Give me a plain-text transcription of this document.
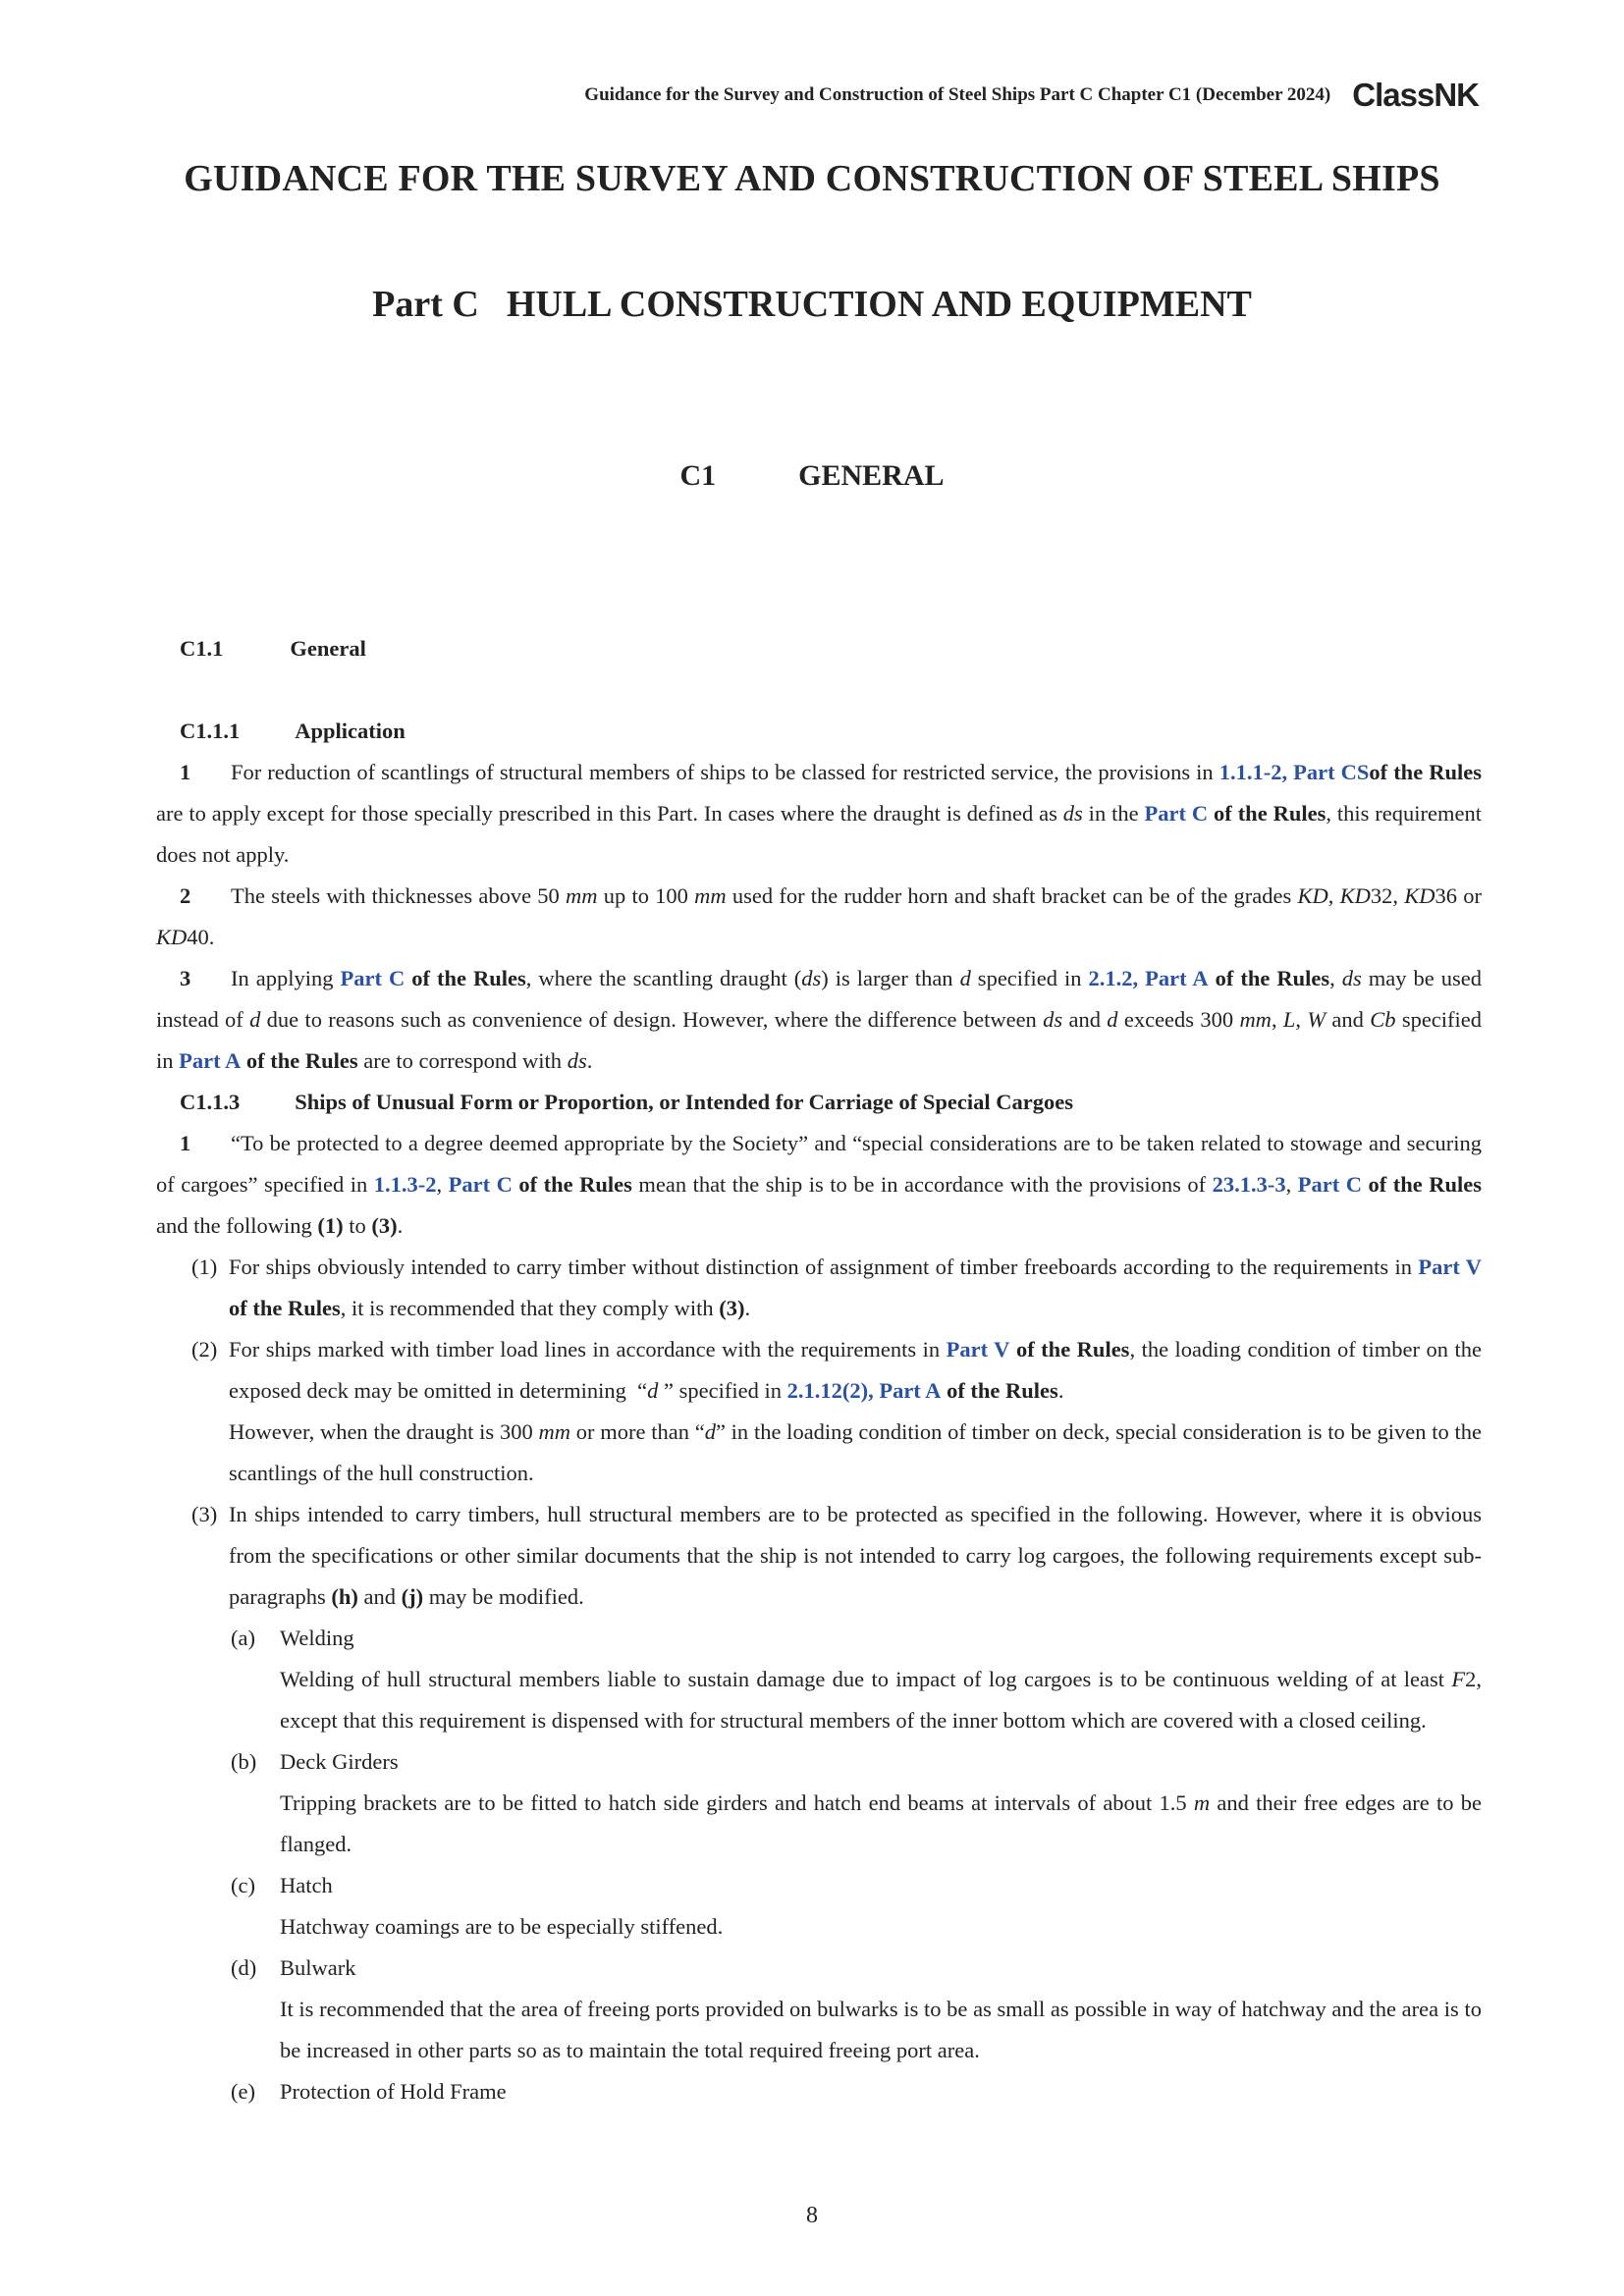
Guidance for the Survey and Construction of Steel Ships Part C Chapter C1 (December 2024) ClassNK
GUIDANCE FOR THE SURVEY AND CONSTRUCTION OF STEEL SHIPS
Part C HULL CONSTRUCTION AND EQUIPMENT
C1	GENERAL
C1.1	General
C1.1.1 Application
1 For reduction of scantlings of structural members of ships to be classed for restricted service, the provisions in 1.1.1-2, Part CSof the Rules are to apply except for those specially prescribed in this Part. In cases where the draught is defined as ds in the Part C of the Rules, this requirement does not apply.
2 The steels with thicknesses above 50 mm up to 100 mm used for the rudder horn and shaft bracket can be of the grades KD, KD32, KD36 or KD40.
3 In applying Part C of the Rules, where the scantling draught (ds) is larger than d specified in 2.1.2, Part A of the Rules, ds may be used instead of d due to reasons such as convenience of design. However, where the difference between ds and d exceeds 300 mm, L, W and Cb specified in Part A of the Rules are to correspond with ds.
C1.1.3 Ships of Unusual Form or Proportion, or Intended for Carriage of Special Cargoes
1 “To be protected to a degree deemed appropriate by the Society” and “special considerations are to be taken related to stowage and securing of cargoes” specified in 1.1.3-2, Part C of the Rules mean that the ship is to be in accordance with the provisions of 23.1.3-3, Part C of the Rules and the following (1) to (3).
(1) For ships obviously intended to carry timber without distinction of assignment of timber freeboards according to the requirements in Part V of the Rules, it is recommended that they comply with (3).
(2) For ships marked with timber load lines in accordance with the requirements in Part V of the Rules, the loading condition of timber on the exposed deck may be omitted in determining  “d ” specified in 2.1.12(2), Part A of the Rules.
However, when the draught is 300 mm or more than “d” in the loading condition of timber on deck, special consideration is to be given to the scantlings of the hull construction.
(3) In ships intended to carry timbers, hull structural members are to be protected as specified in the following. However, where it is obvious from the specifications or other similar documents that the ship is not intended to carry log cargoes, the following requirements except sub-paragraphs (h) and (j) may be modified.
(a)	Welding
Welding of hull structural members liable to sustain damage due to impact of log cargoes is to be continuous welding of at least F2, except that this requirement is dispensed with for structural members of the inner bottom which are covered with a closed ceiling.
(b)	Deck Girders
Tripping brackets are to be fitted to hatch side girders and hatch end beams at intervals of about 1.5 m and their free edges are to be flanged.
(c)	Hatch
Hatchway coamings are to be especially stiffened.
(d)	Bulwark
It is recommended that the area of freeing ports provided on bulwarks is to be as small as possible in way of hatchway and the area is to be increased in other parts so as to maintain the total required freeing port area.
(e)	Protection of Hold Frame
8
